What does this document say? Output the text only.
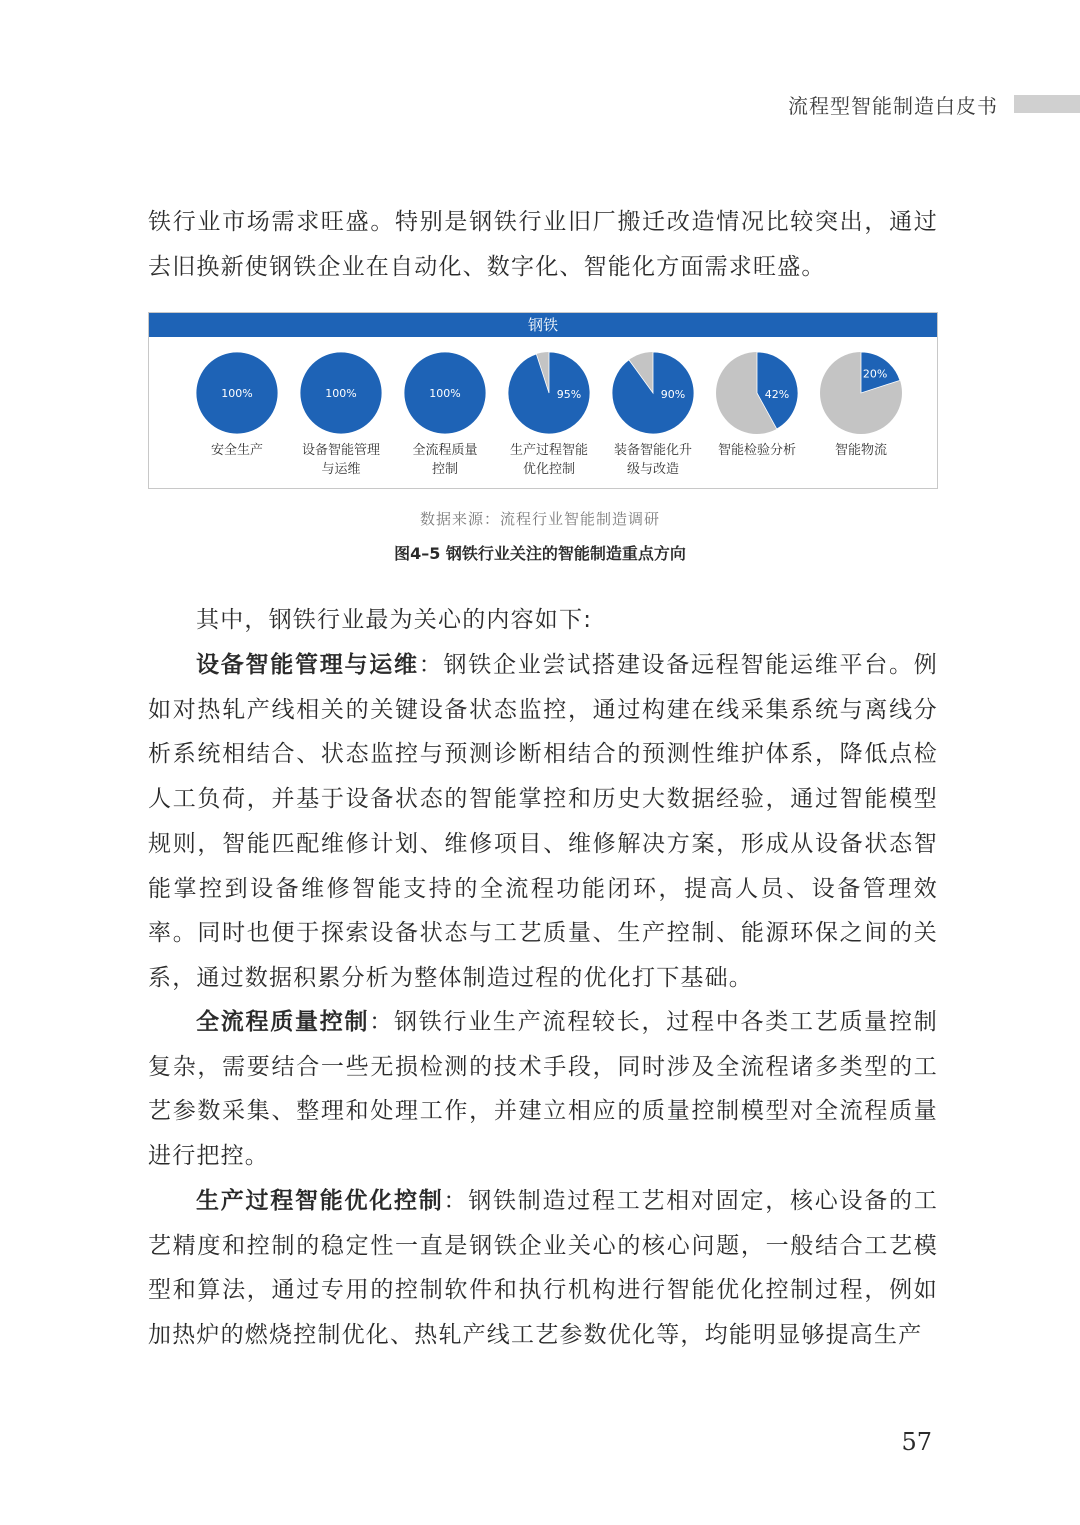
流程型智能制造白皮书

铁行业市场需求旺盛。特别是钢铁行业旧厂搬迁改造情况比较突出，通过去旧换新使钢铁企业在自动化、数字化、智能化方面需求旺盛。

钢铁
100%
安全生产
100%
设备智能管理
与运维
100%
全流程质量
控制
95%
生产过程智能
优化控制
90%
装备智能化升
级与改造
42%
智能检验分析
20%
智能物流
数据来源：流程行业智能制造调研
图4–5 钢铁行业关注的智能制造重点方向

其中，钢铁行业最为关心的内容如下:

设备智能管理与运维：钢铁企业尝试搭建设备远程智能运维平台。例如对热轧产线相关的关键设备状态监控，通过构建在线采集系统与离线分析系统相结合、状态监控与预测诊断相结合的预测性维护体系，降低点检人工负荷，并基于设备状态的智能掌控和历史大数据经验，通过智能模型规则，智能匹配维修计划、维修项目、维修解决方案，形成从设备状态智能掌控到设备维修智能支持的全流程功能闭环，提高人员、设备管理效率。同时也便于探索设备状态与工艺质量、生产控制、能源环保之间的关系，通过数据积累分析为整体制造过程的优化打下基础。

全流程质量控制：钢铁行业生产流程较长，过程中各类工艺质量控制复杂，需要结合一些无损检测的技术手段，同时涉及全流程诸多类型的工艺参数采集、整理和处理工作，并建立相应的质量控制模型对全流程质量进行把控。

生产过程智能优化控制：钢铁制造过程工艺相对固定，核心设备的工艺精度和控制的稳定性一直是钢铁企业关心的核心问题，一般结合工艺模型和算法，通过专用的控制软件和执行机构进行智能优化控制过程，例如加热炉的燃烧控制优化、热轧产线工艺参数优化等，均能明显够提高生产

57
